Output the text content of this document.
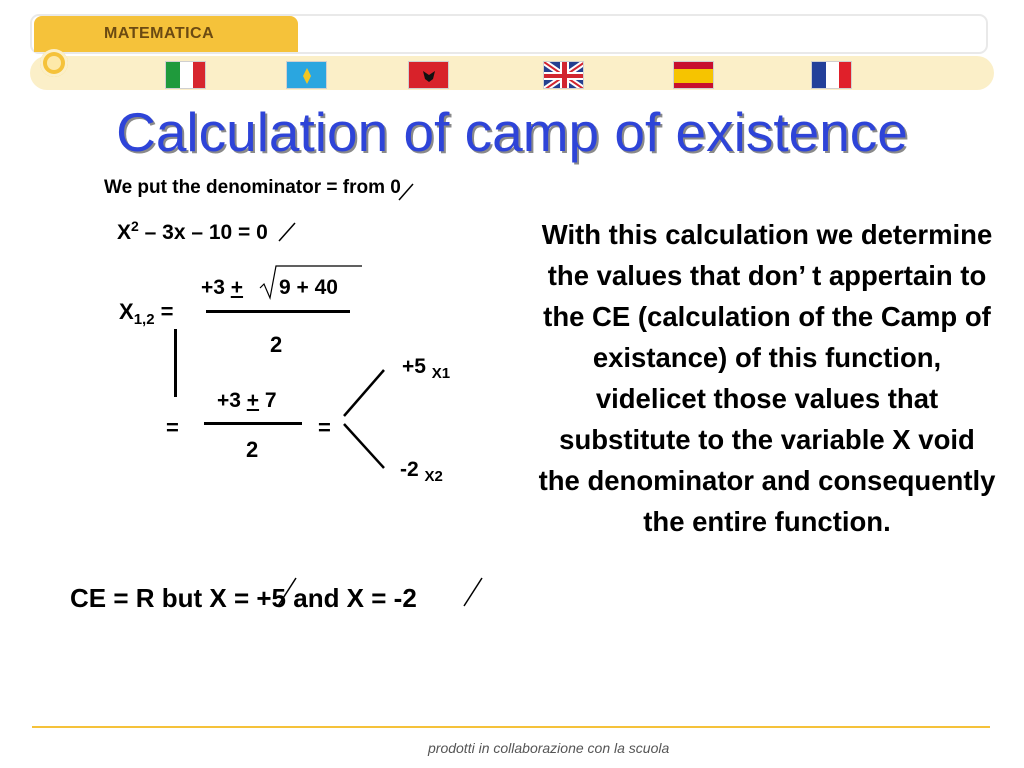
MATEMATICA
Calculation of camp of existence
We put the denominator = from 0
$X^2 - 3x - 10 = 0$
$X_{1,2}$ =
+3 + 9 + 40
2
=
+3 + 7
2
=
+5 $_{X1}$
-2 $_{X2}$
CE = R but X = +5 and X = -2
With this calculation we determine the values that don’ t appertain to the CE (calculation of the Camp of existance) of this function, videlicet those values that substitute to the variable X void the denominator and consequently the entire function.
prodotti in collaborazione con la scuola
